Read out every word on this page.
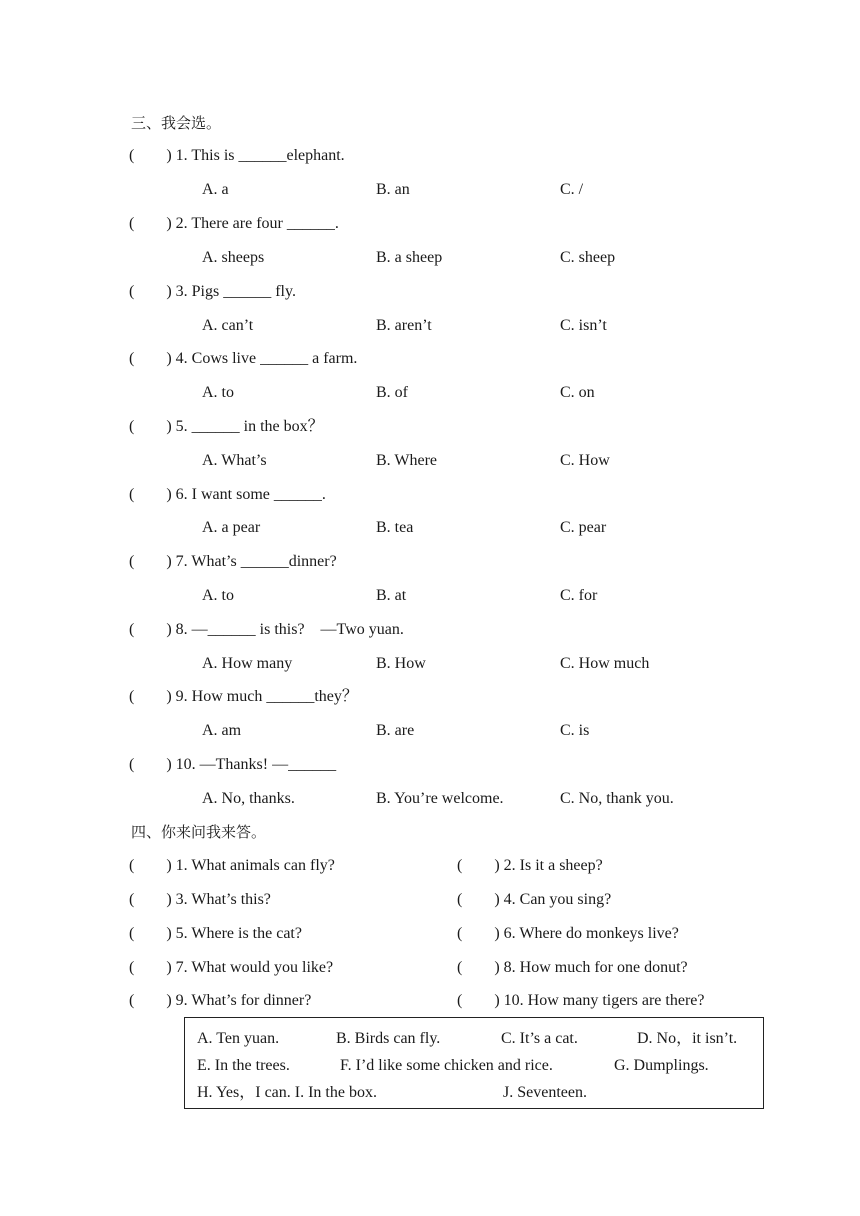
三、我会选。
(        ) 1. This is ______elephant.
A. a	B. an	C. /
(        ) 2. There are four ______.
A. sheeps	B. a sheep	C. sheep
(        ) 3. Pigs ______ fly.
A. can’t	B. aren’t	C. isn’t
(        ) 4. Cows live ______ a farm.
A. to	B. of	C. on
(        ) 5. ______ in the box？
A. What’s	B. Where	C. How
(        ) 6. I want some ______.
A. a pear	B. tea	C. pear
(        ) 7. What’s ______dinner?
A. to	B. at	C. for
(        ) 8. —______ is this?    —Two yuan.
A. How many	B. How	C. How much
(        ) 9. How much ______they？
A. am	B. are	C. is
(        ) 10. —Thanks! —______
A. No, thanks.	B. You’re welcome.	C. No, thank you.
四、你来问我来答。
(        ) 1. What animals can fly?	(        ) 2. Is it a sheep?
(        ) 3. What’s this?	(        ) 4. Can you sing?
(        ) 5. Where is the cat?	(        ) 6. Where do monkeys live?
(        ) 7. What would you like?	(        ) 8. How much for one donut?
(        ) 9. What’s for dinner?	(        ) 10. How many tigers are there?
A. Ten yuan.	B. Birds can fly.	C. It’s a cat.	D. No，it isn’t.
E. In the trees.	F. I’d like some chicken and rice.	G. Dumplings.
H. Yes，I can. I. In the box.	J. Seventeen.
